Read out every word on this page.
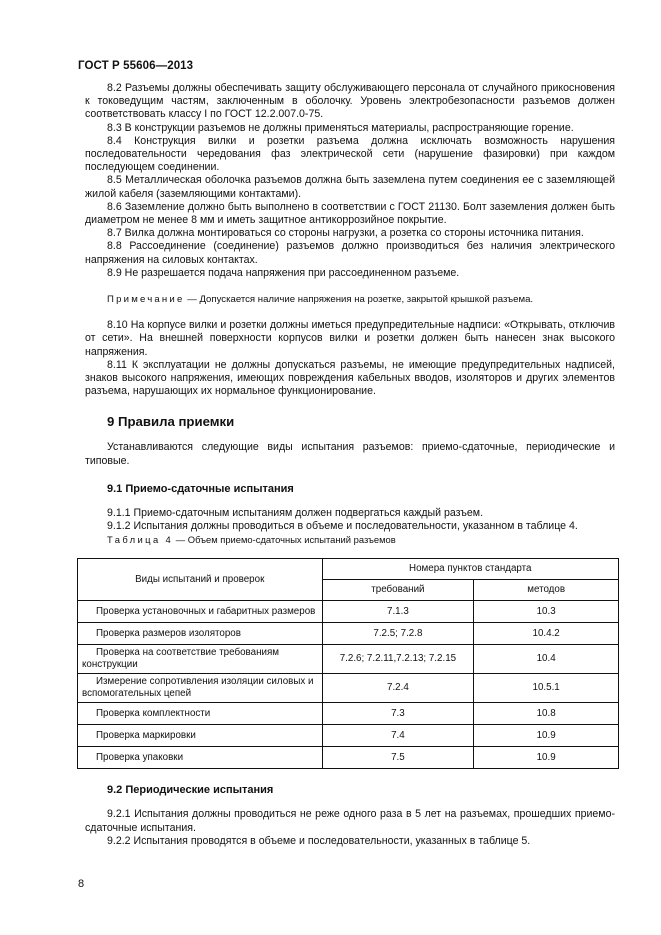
ГОСТ Р 55606—2013

8.2 Разъемы должны обеспечивать защиту обслуживающего персонала от случайного прикосновения к токоведущим частям, заключенным в оболочку. Уровень электробезопасности разъемов должен соответствовать классу I по ГОСТ 12.2.007.0-75.

8.3 В конструкции разъемов не должны применяться материалы, распространяющие горение.

8.4 Конструкция вилки и розетки разъема должна исключать возможность нарушения последовательности чередования фаз электрической сети (нарушение фазировки) при каждом последующем соединении.

8.5 Металлическая оболочка разъемов должна быть заземлена путем соединения ее с заземляющей жилой кабеля (заземляющими контактами).

8.6 Заземление должно быть выполнено в соответствии с ГОСТ 21130. Болт заземления должен быть диаметром не менее 8 мм и иметь защитное антикоррозийное покрытие.

8.7 Вилка должна монтироваться со стороны нагрузки, а розетка со стороны источника питания.

8.8 Рассоединение (соединение) разъемов должно производиться без наличия электрического напряжения на силовых контактах.

8.9 Не разрешается подача напряжения при рассоединенном разъеме.

Примечание — Допускается наличие напряжения на розетке, закрытой крышкой разъема.

8.10 На корпусе вилки и розетки должны иметься предупредительные надписи: «Открывать, отключив от сети». На внешней поверхности корпусов вилки и розетки должен быть нанесен знак высокого напряжения.

8.11 К эксплуатации не должны допускаться разъемы, не имеющие предупредительных надписей, знаков высокого напряжения, имеющих повреждения кабельных вводов, изоляторов и других элементов разъема, нарушающих их нормальное функционирование.

9 Правила приемки

Устанавливаются следующие виды испытания разъемов: приемо-сдаточные, периодические и типовые.

9.1 Приемо-сдаточные испытания

9.1.1 Приемо-сдаточным испытаниям должен подвергаться каждый разъем.

9.1.2 Испытания должны проводиться в объеме и последовательности, указанном в таблице 4.

Таблица 4 — Объем приемо-сдаточных испытаний разъемов

Виды испытаний и проверок	Номера пунктов стандарта	
	требований	методов
Проверка установочных и габаритных размеров	7.1.3	10.3
Проверка размеров изоляторов	7.2.5; 7.2.8	10.4.2
Проверка на соответствие требованиям конструкции	7.2.6; 7.2.11,7.2.13; 7.2.15	10.4
Измерение сопротивления изоляции силовых и вспомогательных цепей	7.2.4	10.5.1
Проверка комплектности	7.3	10.8
Проверка маркировки	7.4	10.9
Проверка упаковки	7.5	10.9
9.2 Периодические испытания

9.2.1 Испытания должны проводиться не реже одного раза в 5 лет на разъемах, прошедших приемо-сдаточные испытания.

9.2.2 Испытания проводятся в объеме и последовательности, указанных в таблице 5.

8
